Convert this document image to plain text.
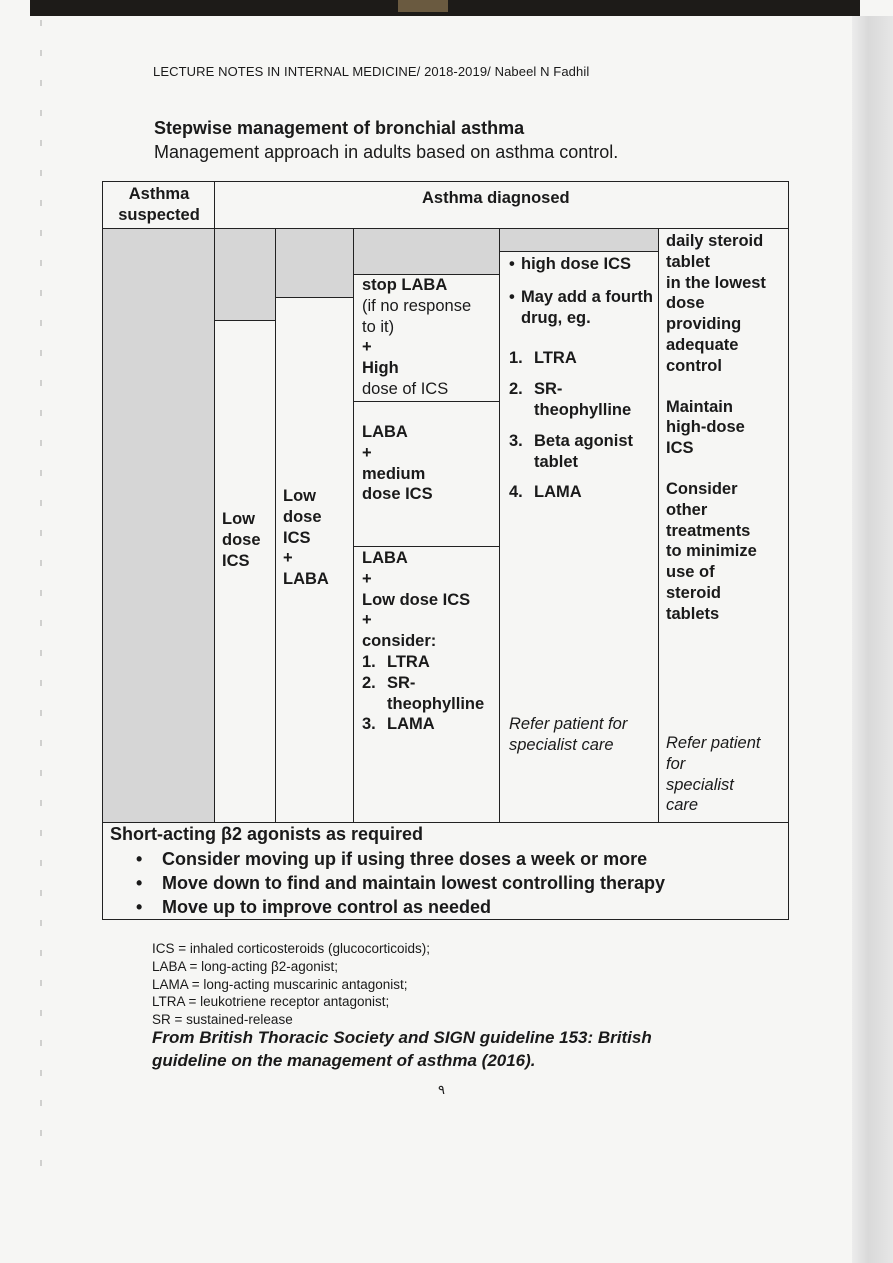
LECTURE NOTES IN INTERNAL MEDICINE/ 2018-2019/ Nabeel N Fadhil
Stepwise management of bronchial asthma
Management approach in adults based on asthma control.
Asthma
suspected
Asthma diagnosed
Low
dose
ICS
Low
dose
ICS
+
LABA
stop LABA
(if no response
to it)
+
High
dose of ICS
LABA
+
medium
dose ICS
LABA
+
Low dose ICS
+
consider:
1. LTRA
2. SR-theophylline
3. LAMA
• high dose ICS
• May add a fourth drug, eg.
1. LTRA
2. SR-theophylline
3. Beta agonist tablet
4. LAMA
Refer patient for
specialist care
daily steroid
tablet
in the lowest
dose
providing
adequate
control
Maintain
high-dose
ICS
Consider
other
treatments
to minimize
use of
steroid
tablets
Refer patient
for
specialist
care
Short-acting β2 agonists as required
• Consider moving up if using three doses a week or more
• Move down to find and maintain lowest controlling therapy
• Move up to improve control as needed
ICS = inhaled corticosteroids (glucocorticoids);
LABA = long-acting β2-agonist;
LAMA = long-acting muscarinic antagonist;
LTRA = leukotriene receptor antagonist;
SR = sustained-release
From British Thoracic Society and SIGN guideline 153: British
guideline on the management of asthma (2016).
٩
